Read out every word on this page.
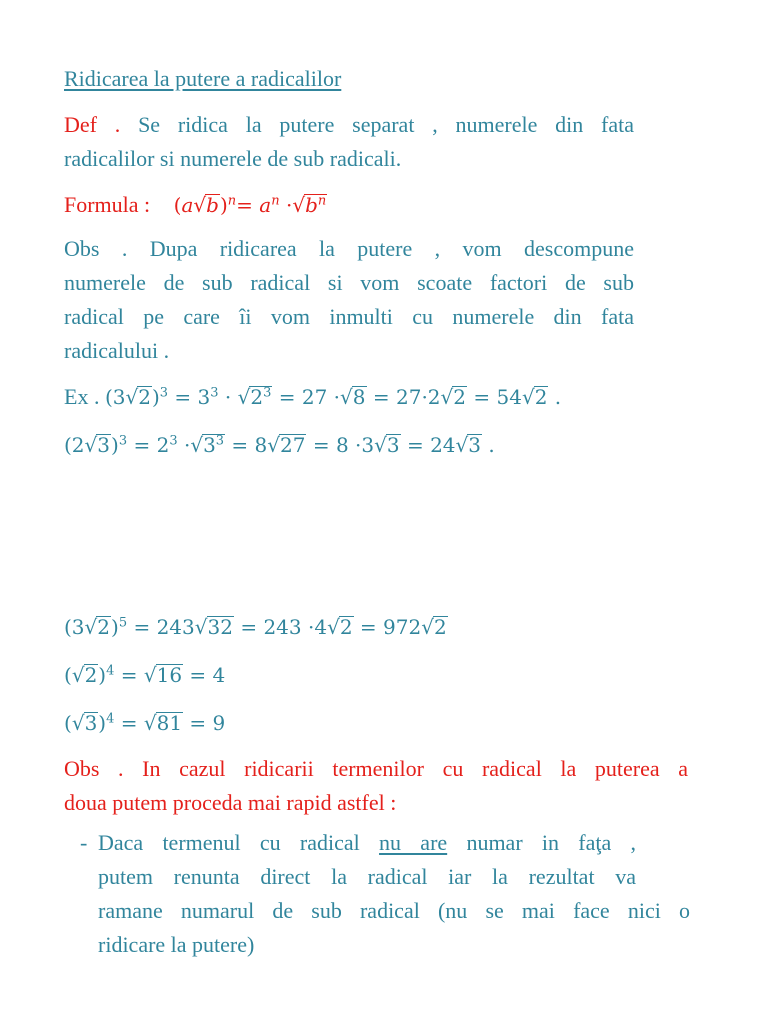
Ridicarea la putere a radicalilor
Def . Se ridica la putere separat , numerele din fata
radicalilor si numerele de sub radicali.
Formula : $(a√b)^n= a^n \cdot√b^n$
Obs . Dupa ridicarea la putere , vom descompune
numerele de sub radical si vom scoate factori de sub
radical pe care îi vom inmulti cu numerele din fata
radicalului .
Ex . $(3√2)^3 = 3^3 \cdot √2^3 = 27 \cdot√8 = 27\cdot 2√2 = 54√2$ .
$(2√3)^3 = 2^3 \cdot√3^3 = 8√27 = 8 \cdot 3√3 = 24√3$ .
$(3√2)^5 = 243√32 = 243 \cdot 4√2 = 972√2$
$(√2)^4 = √16 = 4$
$(√3)^4 = √81 = 9$
Obs . In cazul ridicarii termenilor cu radical la puterea a
doua putem proceda mai rapid astfel :
- Daca termenul cu radical nu are numar in faţa ,
putem renunta direct la radical iar la rezultat va
ramane numarul de sub radical (nu se mai face nici o
ridicare la putere)
